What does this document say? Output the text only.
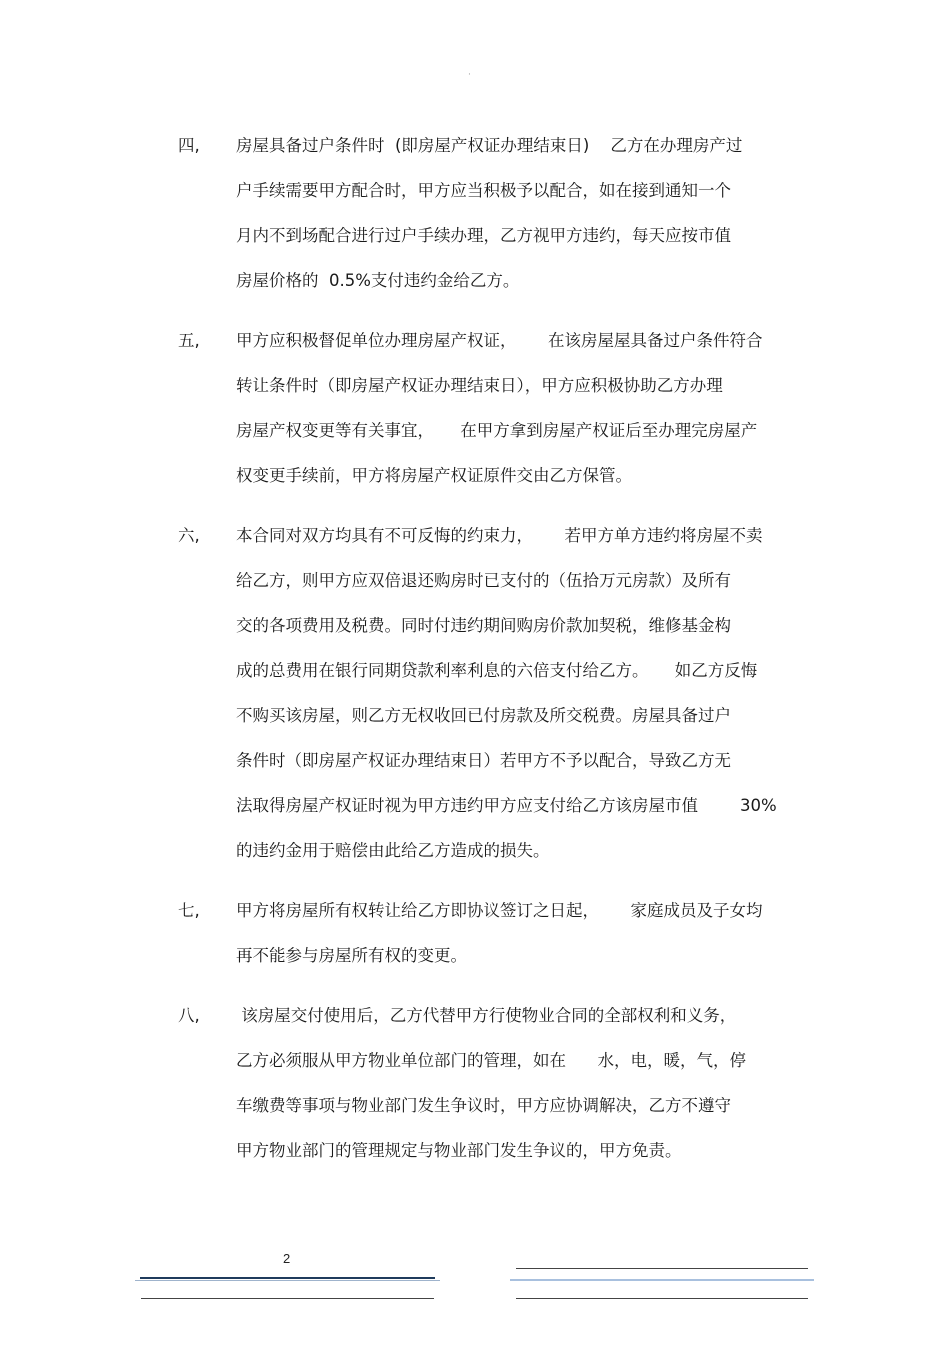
·
四, 房屋具备过户条件时  (即房屋产权证办理结束日)    乙方在办理房产过
户手续需要甲方配合时，甲方应当积极予以配合，如在接到通知一个
月内不到场配合进行过户手续办理，乙方视甲方违约，每天应按市值
房屋价格的  0.5%支付违约金给乙方。
五, 甲方应积极督促单位办理房屋产权证，      在该房屋屋具备过户条件符合
转让条件时（即房屋产权证办理结束日），甲方应积极协助乙方办理
房屋产权变更等有关事宜，     在甲方拿到房屋产权证后至办理完房屋产
权变更手续前，甲方将房屋产权证原件交由乙方保管。
六, 本合同对双方均具有不可反悔的约束力，      若甲方单方违约将房屋不卖
给乙方，则甲方应双倍退还购房时已支付的（伍拾万元房款）及所有
交的各项费用及税费。同时付违约期间购房价款加契税，维修基金构
成的总费用在银行同期贷款利率利息的六倍支付给乙方。     如乙方反悔
不购买该房屋，则乙方无权收回已付房款及所交税费。房屋具备过户
条件时（即房屋产权证办理结束日）若甲方不予以配合，导致乙方无
法取得房屋产权证时视为甲方违约甲方应支付给乙方该房屋市值        30%
的违约金用于赔偿由此给乙方造成的损失。
七, 甲方将房屋所有权转让给乙方即协议签订之日起，      家庭成员及子女均
再不能参与房屋所有权的变更。
八, 该房屋交付使用后，乙方代替甲方行使物业合同的全部权利和义务，
乙方必须服从甲方物业单位部门的管理，如在      水，电，暖，气，停
车缴费等事项与物业部门发生争议时，甲方应协调解决，乙方不遵守
甲方物业部门的管理规定与物业部门发生争议的，甲方免责。
2
